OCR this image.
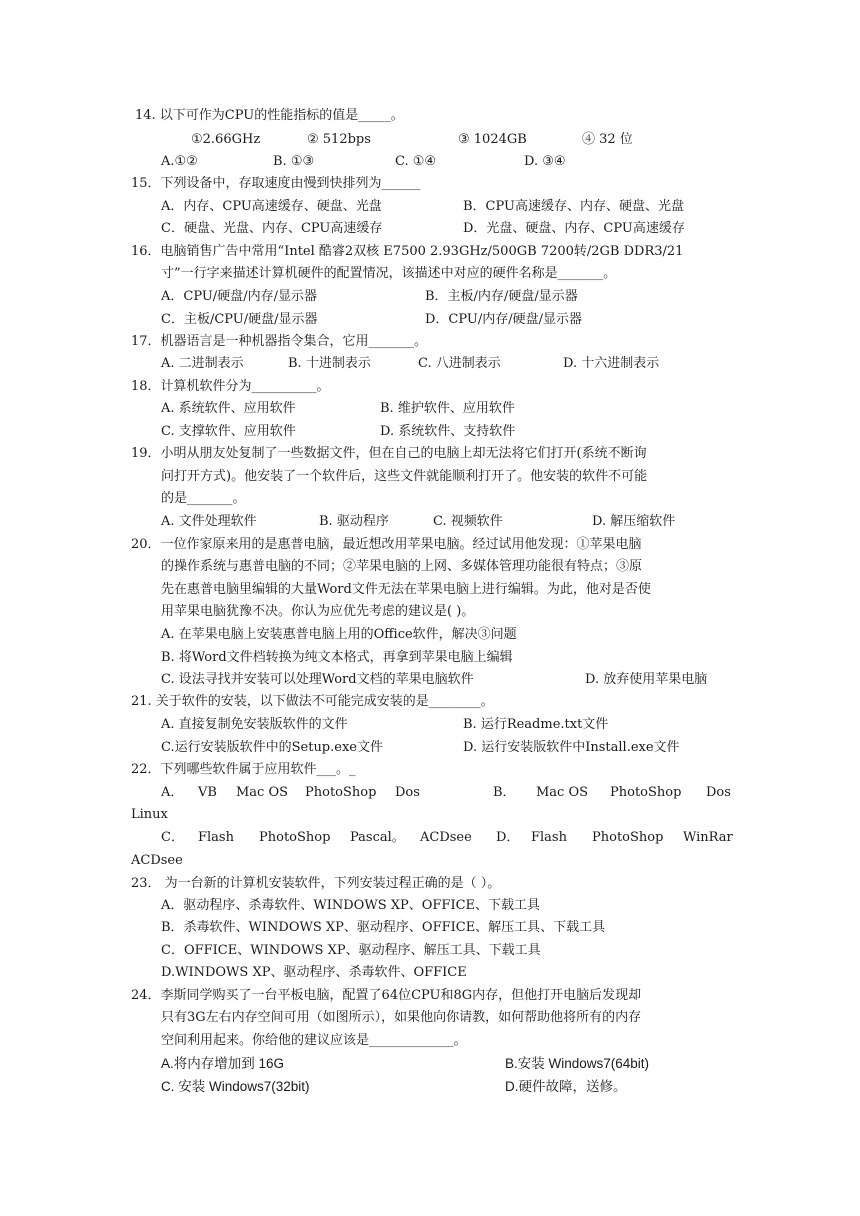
14. 以下可作为CPU的性能指标的值是_____。
①2.66GHz	② 512bps	③ 1024GB	④ 32 位
A.①②	B. ①③	C. ①④	D. ③④
15．下列设备中，存取速度由慢到快排列为______
A．内存、CPU高速缓存、硬盘、光盘	B．CPU高速缓存、内存、硬盘、光盘
C．硬盘、光盘、内存、CPU高速缓存	D．光盘、硬盘、内存、CPU高速缓存
16．电脑销售广告中常用“Intel 酷睿2双核 E7500 2.93GHz/500GB 7200转/2GB DDR3/21
寸”一行字来描述计算机硬件的配置情况，该描述中对应的硬件名称是_______。
A．CPU/硬盘/内存/显示器	B．主板/内存/硬盘/显示器
C．主板/CPU/硬盘/显示器	D．CPU/内存/硬盘/显示器
17．机器语言是一种机器指令集合，它用_______。
A. 二进制表示	B. 十进制表示	C. 八进制表示	D. 十六进制表示
18．计算机软件分为__________。
A. 系统软件、应用软件	B. 维护软件、应用软件
C. 支撑软件、应用软件	D. 系统软件、支持软件
19．小明从朋友处复制了一些数据文件，但在自己的电脑上却无法将它们打开(系统不断询
问打开方式)。他安装了一个软件后，这些文件就能顺利打开了。他安装的软件不可能
的是_______。
A. 文件处理软件	B. 驱动程序	C. 视频软件	D. 解压缩软件
20．一位作家原来用的是惠普电脑，最近想改用苹果电脑。经过试用他发现：①苹果电脑
的操作系统与惠普电脑的不同；②苹果电脑的上网、多媒体管理功能很有特点；③原
先在惠普电脑里编辑的大量Word文件无法在苹果电脑上进行编辑。为此，他对是否使
用苹果电脑犹豫不决。你认为应优先考虑的建议是( )。
A. 在苹果电脑上安装惠普电脑上用的Office软件，解决③问题
B. 将Word文件档转换为纯文本格式，再拿到苹果电脑上编辑
C. 设法寻找并安装可以处理Word文档的苹果电脑软件	D. 放弃使用苹果电脑
21. 关于软件的安装，以下做法不可能完成安装的是________。
A. 直接复制免安装版软件的文件	B. 运行Readme.txt文件
C.运行安装版软件中的Setup.exe文件	D. 运行安装版软件中Install.exe文件
22．下列哪些软件属于应用软件___。_
A． VB Mac OS PhotoShop Dos	B． Mac OS PhotoShop Dos
Linux
C． Flash PhotoShop Pascal。 ACDsee D． Flash PhotoShop WinRar
ACDsee
23． 为一台新的计算机安装软件，下列安装过程正确的是（ ）。
A．驱动程序、杀毒软件、WINDOWS XP、OFFICE、下载工具
B．杀毒软件、WINDOWS XP、驱动程序、OFFICE、解压工具、下载工具
C．OFFICE、WINDOWS XP、驱动程序、解压工具、下载工具
D.WINDOWS XP、驱动程序、杀毒软件、OFFICE
24．李斯同学购买了一台平板电脑，配置了64位CPU和8G内存，但他打开电脑后发现却
只有3G左右内存空间可用（如图所示），如果他向你请教，如何帮助他将所有的内存
空间利用起来。你给他的建议应该是_____________。
A.将内存增加到 16G	B.安装 Windows7(64bit)
C. 安装 Windows7(32bit)	D.硬件故障，送修。
